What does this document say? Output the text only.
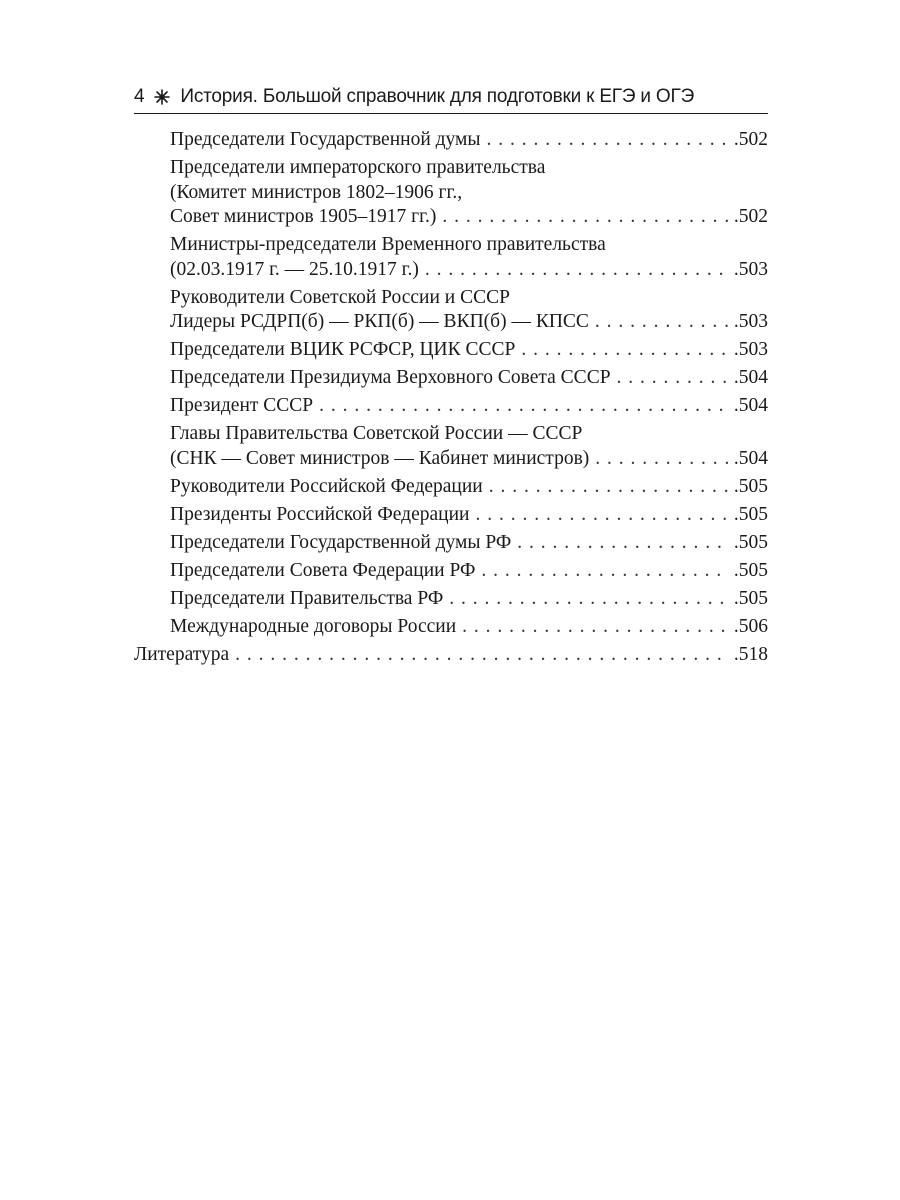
4 История. Большой справочник для подготовки к ЕГЭ и ОГЭ
Председатели Государственной думы . . .	.502
Председатели императорского правительства
(Комитет министров 1802–1906 гг.,
Совет министров 1905–1917 гг.) . . .	.502
Министры-председатели Временного правительства
(02.03.1917 г. — 25.10.1917 г.) . . .	.503
Руководители Советской России и СССР
Лидеры РСДРП(б) — РКП(б) — ВКП(б) — КПСС . . .	.503
Председатели ВЦИК РСФСР, ЦИК СССР . . .	.503
Председатели Президиума Верховного Совета СССР . . .	.504
Президент СССР . . .	.504
Главы Правительства Советской России — СССР
(СНК — Совет министров — Кабинет министров) . . .	.504
Руководители Российской Федерации . . .	.505
Президенты Российской Федерации . . .	.505
Председатели Государственной думы РФ . . .	.505
Председатели Совета Федерации РФ . . .	.505
Председатели Правительства РФ . . .	.505
Международные договоры России . . .	.506
Литература . . .	.518
